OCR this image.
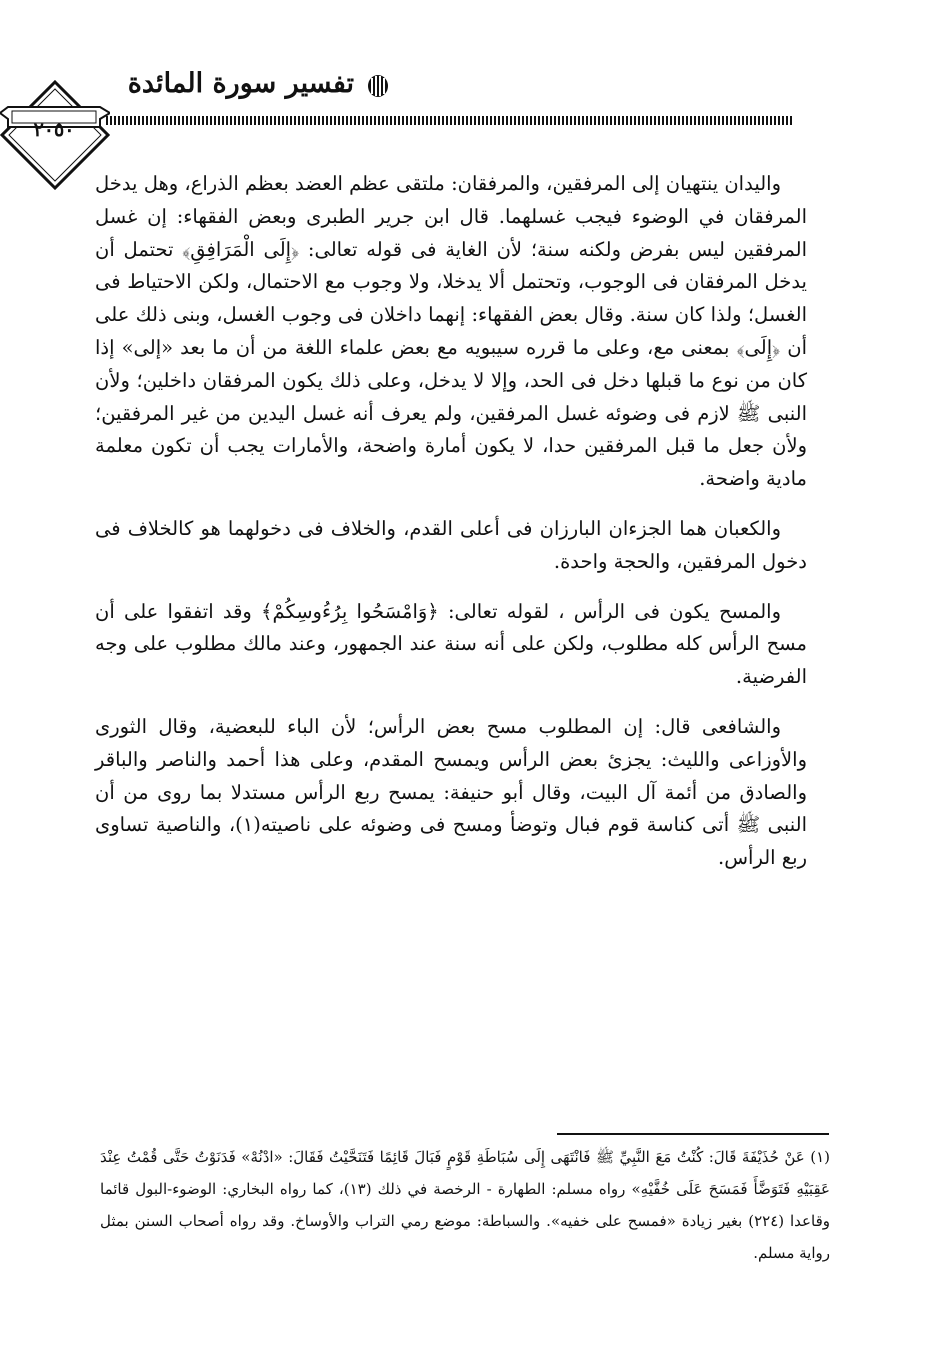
تفسير سورة المائدة
٢٠٥٠

واليدان ينتهيان إلى المرفقين، والمرفقان: ملتقى عظم العضد بعظم الذراع، وهل يدخل المرفقان في الوضوء فيجب غسلهما. قال ابن جرير الطبرى وبعض الفقهاء: إن غسل المرفقين ليس بفرض ولكنه سنة؛ لأن الغاية فى قوله تعالى: ﴿إِلَى الْمَرَافِقِ﴾ تحتمل أن يدخل المرفقان فى الوجوب، وتحتمل ألا يدخلا، ولا وجوب مع الاحتمال، ولكن الاحتياط فى الغسل؛ ولذا كان سنة. وقال بعض الفقهاء: إنهما داخلان فى وجوب الغسل، وبنى ذلك على أن ﴿إِلَى﴾ بمعنى مع، وعلى ما قرره سيبويه مع بعض علماء اللغة من أن ما بعد «إلى» إذا كان من نوع ما قبلها دخل فى الحد، وإلا لا يدخل، وعلى ذلك يكون المرفقان داخلين؛ ولأن النبى ﷺ لازم فى وضوئه غسل المرفقين، ولم يعرف أنه غسل اليدين من غير المرفقين؛ ولأن جعل ما قبل المرفقين حدا، لا يكون أمارة واضحة، والأمارات يجب أن تكون معلمة مادية واضحة.

والكعبان هما الجزءان البارزان فى أعلى القدم، والخلاف فى دخولهما هو كالخلاف فى دخول المرفقين، والحجة واحدة.

والمسح يكون فى الرأس ، لقوله تعالى: ﴿وَامْسَحُوا بِرُءُوسِكُمْ﴾ وقد اتفقوا على أن مسح الرأس كله مطلوب، ولكن على أنه سنة عند الجمهور، وعند مالك مطلوب على وجه الفرضية.

والشافعى قال: إن المطلوب مسح بعض الرأس؛ لأن الباء للبعضية، وقال الثورى والأوزاعى والليث: يجزئ بعض الرأس ويمسح المقدم، وعلى هذا أحمد والناصر والباقر والصادق من أئمة آل البيت، وقال أبو حنيفة: يمسح ربع الرأس مستدلا بما روى من أن النبى ﷺ أتى كناسة قوم فبال وتوضأ ومسح فى وضوئه على ناصيته(١)، والناصية تساوى ربع الرأس.

(١) عَنْ حُذَيْفَةَ قَالَ: كُنْتُ مَعَ النَّبِيِّ ﷺ فَانْتَهَى إِلَى سُبَاطَةِ قَوْمٍ فَبَالَ قَائِمًا فَتَنَحَّيْتُ فَقَالَ: «ادْنُهْ» فَدَنَوْتُ حَتَّى قُمْتُ عِنْدَ عَقِبَيْهِ فَتَوَضَّأَ فَمَسَحَ عَلَى خُفَّيْهِ» رواه مسلم: الطهارة - الرخصة في ذلك (١٣)، كما رواه البخاري: الوضوء-البول قائما وقاعدا (٢٢٤) بغير زيادة «فمسح على خفيه». والسباطة: موضع رمي التراب والأوساخ. وقد رواه أصحاب السنن بمثل رواية مسلم.
